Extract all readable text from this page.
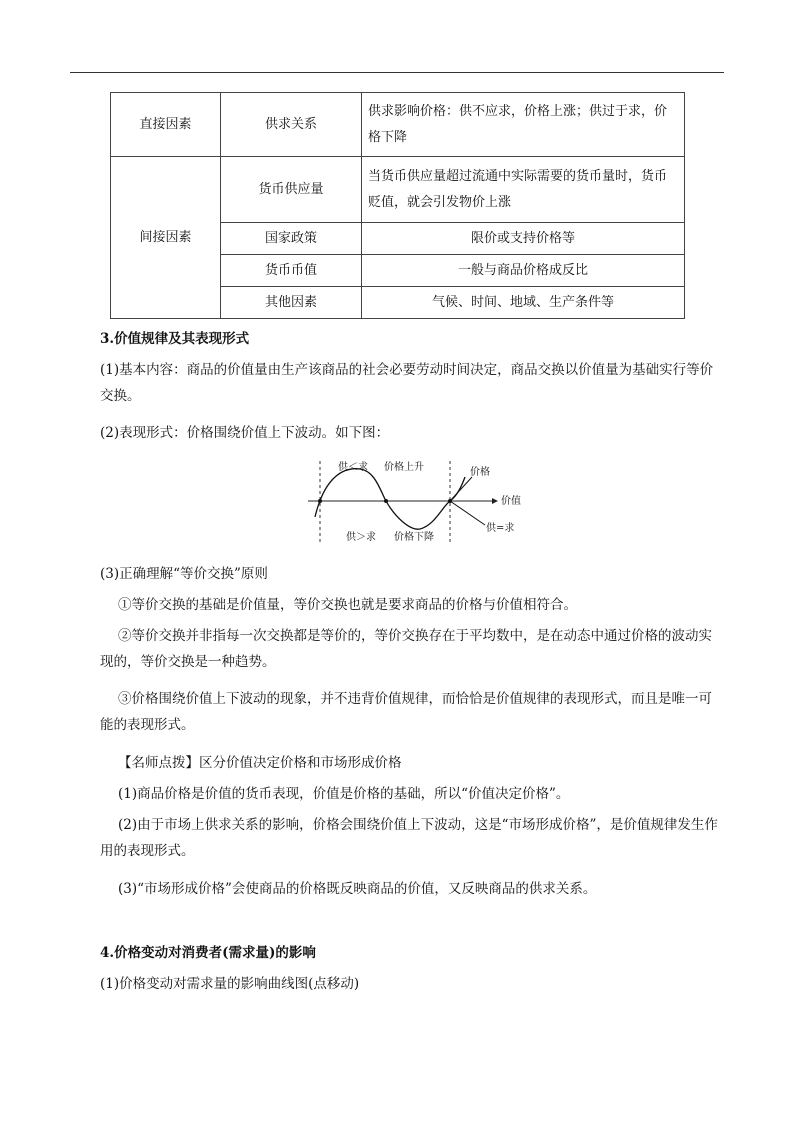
直接因素	供求关系	供求影响价格：供不应求，价格上涨；供过于求，价格下降
间接因素	货币供应量	当货币供应量超过流通中实际需要的货币量时，货币贬值，就会引发物价上涨
	国家政策	限价或支持价格等
	货币币值	一般与商品价格成反比
	其他因素	气候、时间、地域、生产条件等

3.价值规律及其表现形式

(1)基本内容：商品的价值量由生产该商品的社会必要劳动时间决定，商品交换以价值量为基础实行等价交换。

(2)表现形式：价格围绕价值上下波动。如下图：

供＜求 价格上升	价格
价值
供＞求 价格下降
供=求

(3)正确理解“等价交换”原则

①等价交换的基础是价值量，等价交换也就是要求商品的价格与价值相符合。

②等价交换并非指每一次交换都是等价的，等价交换存在于平均数中，是在动态中通过价格的波动实现的，等价交换是一种趋势。

③价格围绕价值上下波动的现象，并不违背价值规律，而恰恰是价值规律的表现形式，而且是唯一可能的表现形式。

【名师点拨】区分价值决定价格和市场形成价格

(1)商品价格是价值的货币表现，价值是价格的基础，所以“价值决定价格”。

(2)由于市场上供求关系的影响，价格会围绕价值上下波动，这是“市场形成价格”，是价值规律发生作用的表现形式。

(3)“市场形成价格”会使商品的价格既反映商品的价值，又反映商品的供求关系。

4.价格变动对消费者(需求量)的影响

(1)价格变动对需求量的影响曲线图(点移动)
